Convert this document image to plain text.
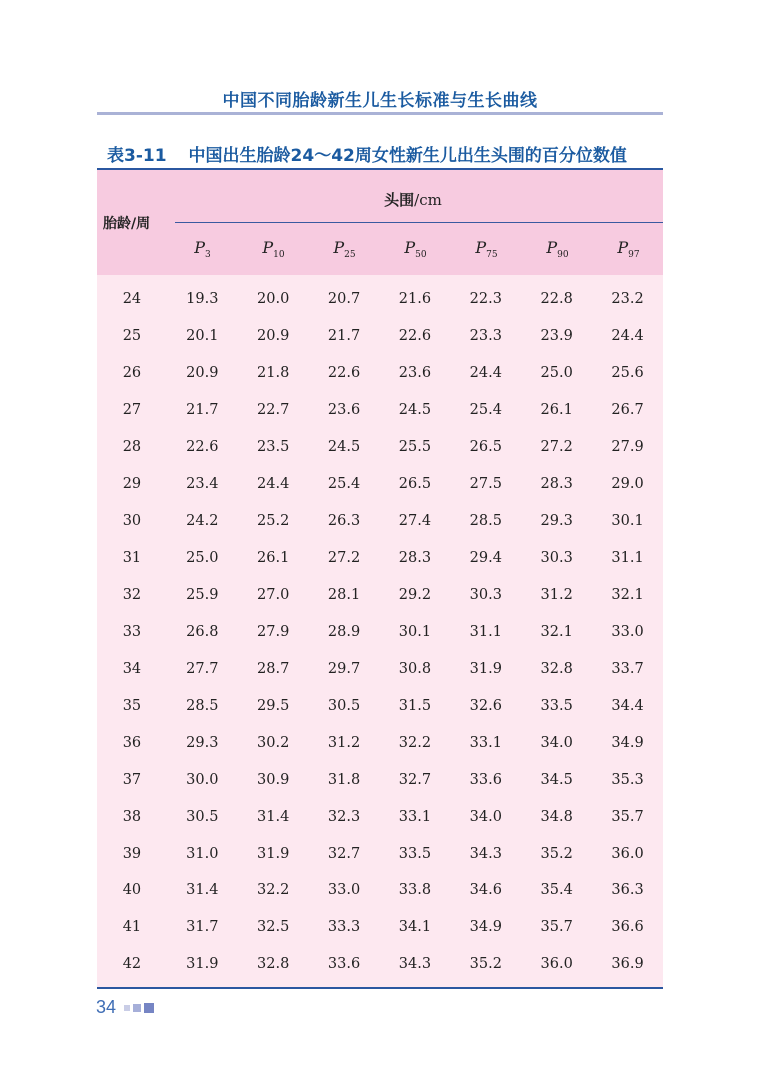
中国不同胎龄新生儿生长标准与生长曲线
表3-11 中国出生胎龄24～42周女性新生儿出生头围的百分位数值
头围/cm
胎龄/周
$P_3$	$P_{10}$	$P_{25}$	$P_{50}$	$P_{75}$	$P_{90}$	$P_{97}$
24	19.3	20.0	20.7	21.6	22.3	22.8	23.2
25	20.1	20.9	21.7	22.6	23.3	23.9	24.4
26	20.9	21.8	22.6	23.6	24.4	25.0	25.6
27	21.7	22.7	23.6	24.5	25.4	26.1	26.7
28	22.6	23.5	24.5	25.5	26.5	27.2	27.9
29	23.4	24.4	25.4	26.5	27.5	28.3	29.0
30	24.2	25.2	26.3	27.4	28.5	29.3	30.1
31	25.0	26.1	27.2	28.3	29.4	30.3	31.1
32	25.9	27.0	28.1	29.2	30.3	31.2	32.1
33	26.8	27.9	28.9	30.1	31.1	32.1	33.0
34	27.7	28.7	29.7	30.8	31.9	32.8	33.7
35	28.5	29.5	30.5	31.5	32.6	33.5	34.4
36	29.3	30.2	31.2	32.2	33.1	34.0	34.9
37	30.0	30.9	31.8	32.7	33.6	34.5	35.3
38	30.5	31.4	32.3	33.1	34.0	34.8	35.7
39	31.0	31.9	32.7	33.5	34.3	35.2	36.0
40	31.4	32.2	33.0	33.8	34.6	35.4	36.3
41	31.7	32.5	33.3	34.1	34.9	35.7	36.6
42	31.9	32.8	33.6	34.3	35.2	36.0	36.9
34
